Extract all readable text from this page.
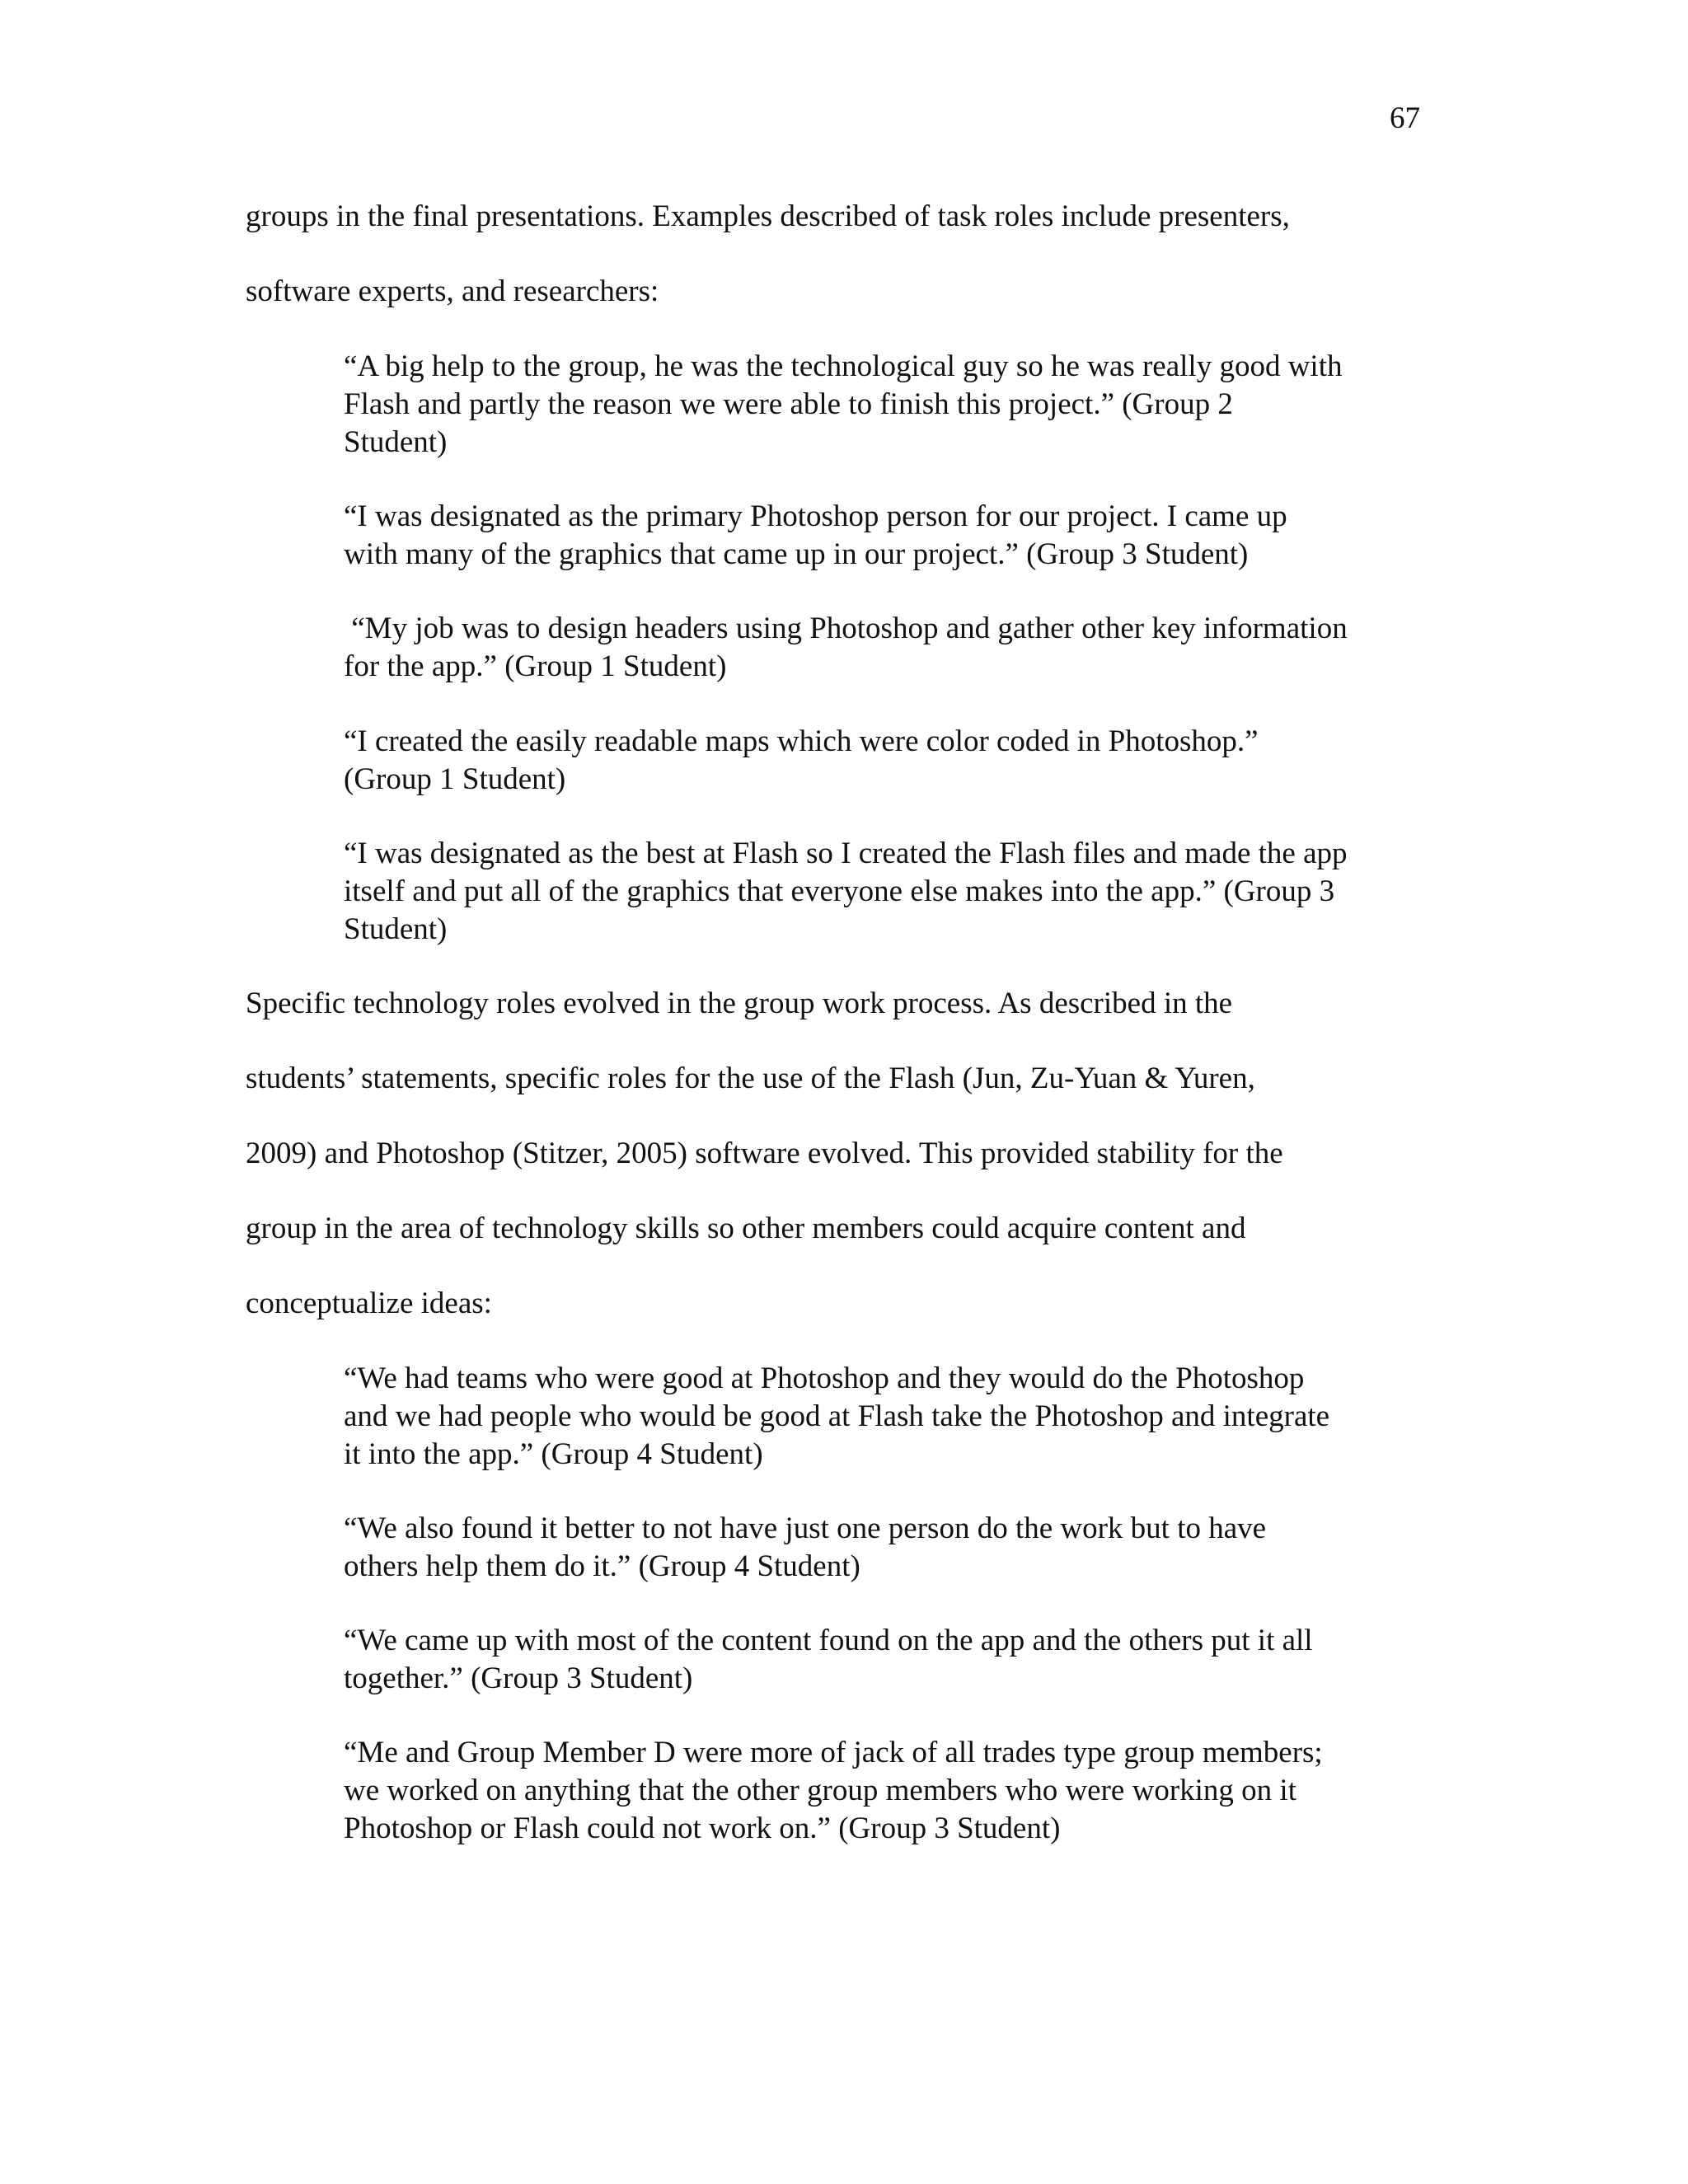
67
groups in the final presentations. Examples described of task roles include presenters,
software experts, and researchers:
“A big help to the group, he was the technological guy so he was really good with
Flash and partly the reason we were able to finish this project.” (Group 2
Student)
“I was designated as the primary Photoshop person for our project. I came up
with many of the graphics that came up in our project.” (Group 3 Student)
“My job was to design headers using Photoshop and gather other key information
for the app.” (Group 1 Student)
“I created the easily readable maps which were color coded in Photoshop.”
(Group 1 Student)
“I was designated as the best at Flash so I created the Flash files and made the app
itself and put all of the graphics that everyone else makes into the app.” (Group 3
Student)
Specific technology roles evolved in the group work process. As described in the
students’ statements, specific roles for the use of the Flash (Jun, Zu-Yuan & Yuren,
2009) and Photoshop (Stitzer, 2005) software evolved. This provided stability for the
group in the area of technology skills so other members could acquire content and
conceptualize ideas:
“We had teams who were good at Photoshop and they would do the Photoshop
and we had people who would be good at Flash take the Photoshop and integrate
it into the app.” (Group 4 Student)
“We also found it better to not have just one person do the work but to have
others help them do it.” (Group 4 Student)
“We came up with most of the content found on the app and the others put it all
together.” (Group 3 Student)
“Me and Group Member D were more of jack of all trades type group members;
we worked on anything that the other group members who were working on it
Photoshop or Flash could not work on.” (Group 3 Student)
